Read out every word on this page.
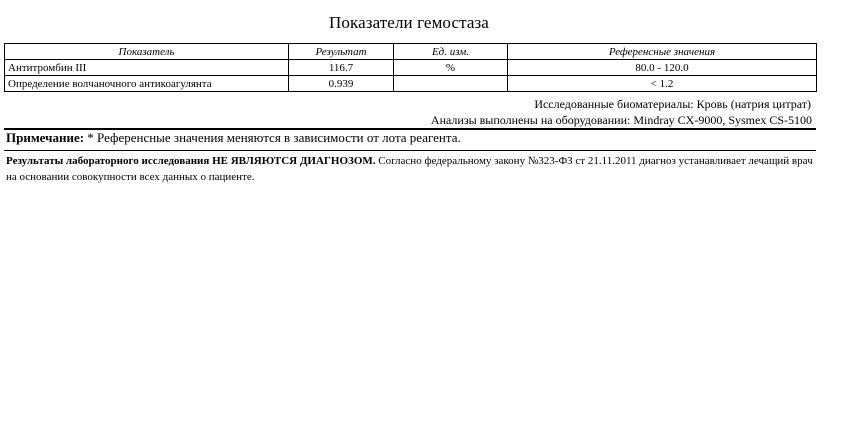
Показатели гемостаза
Показатель	Результат	Ед. изм.	Референсные значения
Антитромбин III	116.7	%	80.0 - 120.0
Определение волчаночного антикоагулянта	0.939		< 1.2
Исследованные биоматериалы: Кровь (натрия цитрат)
Анализы выполнены на оборудовании: Mindray CX-9000, Sysmex CS-5100
Примечание: * Референсные значения меняются в зависимости от лота реагента.
Результаты лабораторного исследования НЕ ЯВЛЯЮТСЯ ДИАГНОЗОМ. Согласно федеральному закону №323-ФЗ ст 21.11.2011 диагноз устанавливает лечащий врач на основании совокупности всех данных о пациенте.
